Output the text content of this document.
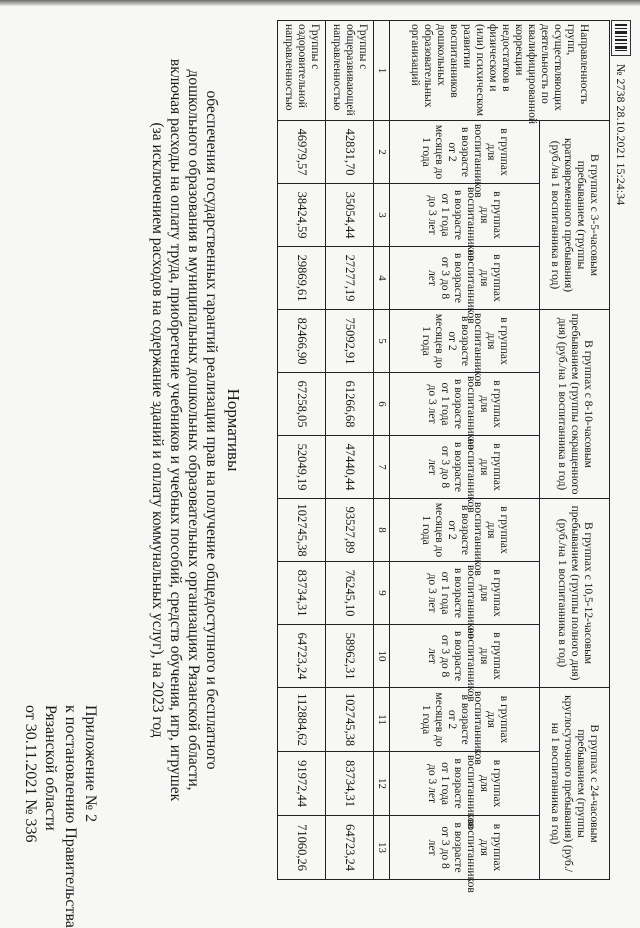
Приложение № 2
к постановлению Правительства
Рязанской области
от 30.11.2021 № 336
Нормативы
обеспечения государственных гарантий реализации прав на получение общедоступного и бесплатного
дошкольного образования в муниципальных дошкольных образовательных организациях Рязанской области,
включая расходы на оплату труда, приобретение учебников и учебных пособий, средств обучения, игр, игрушек
(за исключением расходов на содержание зданий и оплату коммунальных услуг), на 2023 год
Направленность групп, осуществляющих деятельность по квалифицированной коррекции недостатков в физическом и (или) психическом развитии воспитанников дошкольных образовательных организаций	В группах с 3-5-часовым пребыванием (группы кратковременного пребывания) (руб./на 1 воспитанника в год)			В группах с 8-10-часовым пребыванием (группы сокращенного дня) (руб./на 1 воспитанника в год)			В группах с 10,5-12-часовым пребыванием (группы полного дня) (руб./на 1 воспитанника в год)			В группах с 24-часовым пребыванием (группы круглосуточного пребывания) (руб./на 1 воспитанника в год)		
	в группах для воспитанников в возрасте от 2 месяцев до 1 года	в группах для воспитанников в возрасте от 1 года до 3 лет	в группах для воспитанников в возрасте от 3 до 8 лет	в группах для воспитанников в возрасте от 2 месяцев до 1 года	в группах для воспитанников в возрасте от 1 года до 3 лет	в группах для воспитанников в возрасте от 3 до 8 лет	в группах для воспитанников в возрасте от 2 месяцев до 1 года	в группах для воспитанников в возрасте от 1 года до 3 лет	в группах для воспитанников в возрасте от 3 до 8 лет	в группах для воспитанников в возрасте от 2 месяцев до 1 года	в группах для воспитанников в возрасте от 1 года до 3 лет	в группах для воспитанников в возрасте от 3 до 8 лет
1	2	3	4	5	6	7	8	9	10	11	12	13
Группы с общеразвивающей направленностью	42831,70	35054,44	27277,19	75092,91	61266,68	47440,44	93527,89	76245,10	58962,31	102745,38	83734,31	64723,24
Группы с оздоровительной направленностью	46979,57	38424,59	29869,61	82466,90	67258,05	52049,19	102745,38	83734,31	64723,24	112884,62	91972,44	71060,26
№ 2738 28.10.2021 15:24:34
